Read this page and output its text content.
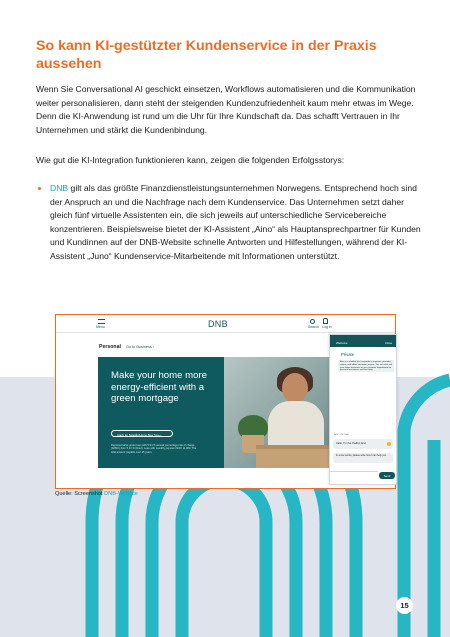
So kann KI-gestützter Kundenservice in der Praxis aussehen

Wenn Sie Conversational AI geschickt einsetzen, Workflows automatisieren und die Kommunikation weiter personalisieren, dann steht der steigenden Kundenzufriedenheit kaum mehr etwas im Wege. Denn die KI-Anwendung ist rund um die Uhr für Ihre Kundschaft da. Das schafft Vertrauen in Ihr Unternehmen und stärkt die Kundenbindung.

Wie gut die KI-Integration funktionieren kann, zeigen die folgenden Erfolgsstorys:

DNB gilt als das größte Finanzdienstleistungsunternehmen Norwegens. Entsprechend hoch sind der Anspruch an und die Nachfrage nach dem Kundenservice. Das Unternehmen setzt daher gleich fünf virtuelle Assistenten ein, die sich jeweils auf unterschiedliche Servicebereiche konzentrieren. Beispielsweise bietet der KI-Assistent „Aino“ als Hauptansprechpartner für Kunden und Kundinnen auf der DNB-Website schnelle Antworten und Hilfestellungen, während der KI-Assistent „Juno“ Kundenservice-Mitarbeitende mit Informationen unterstützt.

Menu	DNB	Search Log in
Personal Go to Business ›

Make your home more energy-efficient with a green mortgage

Apply for Boliglån/Home Boa Type ›

Representative green loan with 5.94 % annual percentage rate of charge (APRC) from 5.13 % (fixed). Loan with monthly payment NOK 11,003. The total amount payable over 25 years.

Welcome	Close
Private

Aino is a chatbot that responds to inquiries, provides advice, and offers customer service. You can also ask your home insurance or our customer department for personal assistance and fast help.

AINO VIRTUAL
Hello, I'm the chatbot Aino

In a few words, please write how I can help you.

Send

Quelle: Screenshot DNB-Website

15
